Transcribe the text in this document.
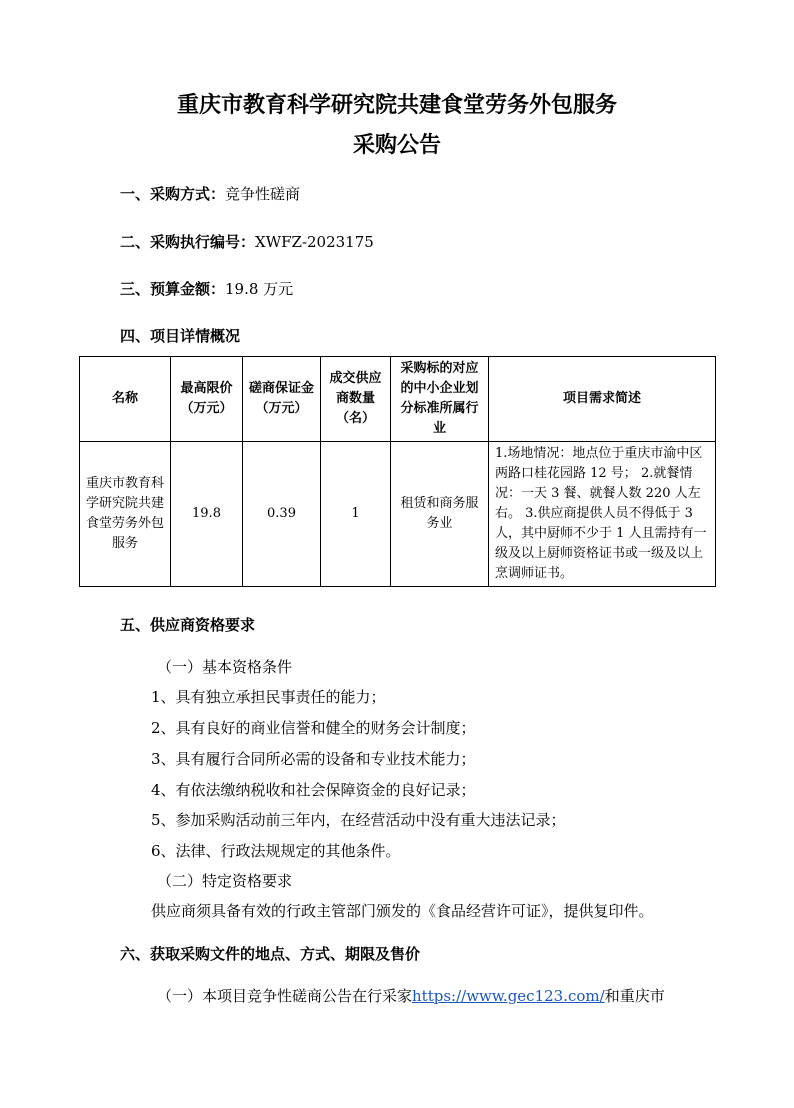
重庆市教育科学研究院共建食堂劳务外包服务
采购公告
一、采购方式：竞争性磋商
二、采购执行编号：XWFZ-2023175
三、预算金额：19.8 万元
四、项目详情概况
名称	最高限价（万元）	磋商保证金（万元）	成交供应商数量（名）	采购标的对应的中小企业划分标准所属行业	项目需求简述
重庆市教育科学研究院共建食堂劳务外包服务	19.8	0.39	1	租赁和商务服务业	1.场地情况：地点位于重庆市渝中区两路口桂花园路 12 号； 2.就餐情况：一天 3 餐、就餐人数 220 人左右。 3.供应商提供人员不得低于 3 人，其中厨师不少于 1 人且需持有一级及以上厨师资格证书或一级及以上烹调师证书。
五、供应商资格要求
（一）基本资格条件
1、具有独立承担民事责任的能力；
2、具有良好的商业信誉和健全的财务会计制度；
3、具有履行合同所必需的设备和专业技术能力；
4、有依法缴纳税收和社会保障资金的良好记录；
5、参加采购活动前三年内，在经营活动中没有重大违法记录；
6、法律、行政法规规定的其他条件。
（二）特定资格要求
供应商须具备有效的行政主管部门颁发的《食品经营许可证》，提供复印件。
六、获取采购文件的地点、方式、期限及售价
（一）本项目竞争性磋商公告在行采家https://www.gec123.com/和重庆市
